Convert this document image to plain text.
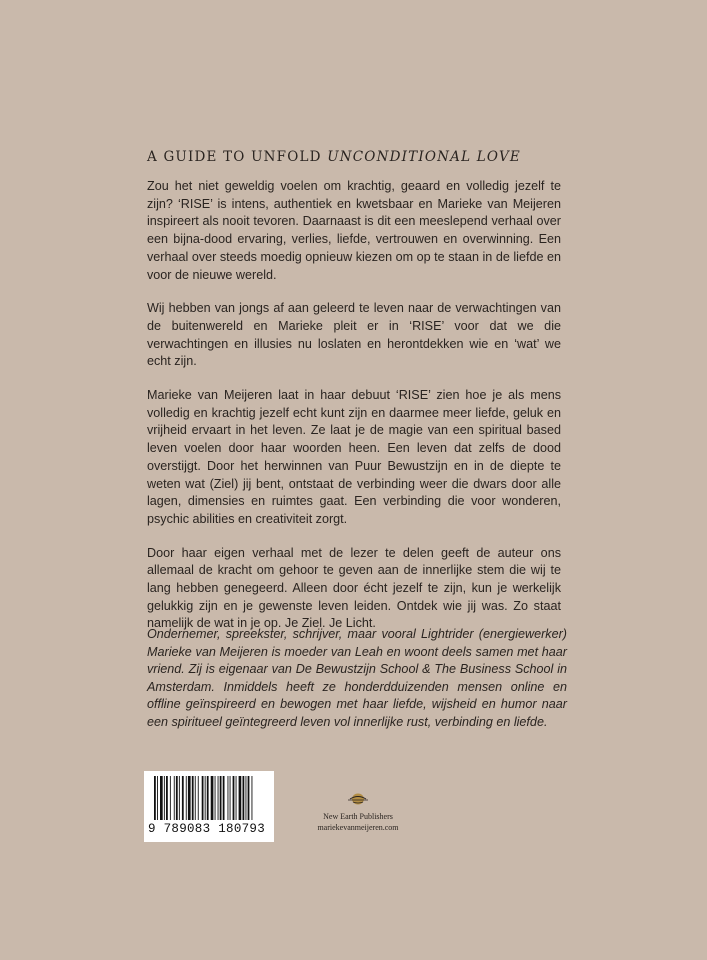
A GUIDE TO UNFOLD UNCONDITIONAL LOVE

Zou het niet geweldig voelen om krachtig, geaard en volledig jezelf te zijn? ‘RISE’ is intens, authentiek en kwetsbaar en Marieke van Meijeren inspireert als nooit tevoren. Daarnaast is dit een meeslepend verhaal over een bijna-dood ervaring, verlies, liefde, vertrouwen en overwinning. Een verhaal over steeds moedig opnieuw kiezen om op te staan in de liefde en voor de nieuwe wereld.

Wij hebben van jongs af aan geleerd te leven naar de verwachtingen van de buitenwereld en Marieke pleit er in ‘RISE’ voor dat we die verwachtingen en illusies nu loslaten en herontdekken wie en ‘wat’ we echt zijn.

Marieke van Meijeren laat in haar debuut ‘RISE’ zien hoe je als mens volledig en krachtig jezelf echt kunt zijn en daarmee meer liefde, geluk en vrijheid ervaart in het leven. Ze laat je de magie van een spiritual based leven voelen door haar woorden heen. Een leven dat zelfs de dood overstijgt. Door het herwinnen van Puur Bewustzijn en in de diepte te weten wat (Ziel) jij bent, ontstaat de verbinding weer die dwars door alle lagen, dimensies en ruimtes gaat. Een verbinding die voor wonderen, psychic abilities en creativiteit zorgt.

Door haar eigen verhaal met de lezer te delen geeft de auteur ons allemaal de kracht om gehoor te geven aan de innerlijke stem die wij te lang hebben genegeerd. Alleen door écht jezelf te zijn, kun je werkelijk gelukkig zijn en je gewenste leven leiden. Ontdek wie jij was. Zo staat namelijk de wat in je op. Je Ziel. Je Licht.

Ondernemer, spreekster, schrijver, maar vooral Lightrider (energiewerker) Marieke van Meijeren is moeder van Leah en woont deels samen met haar vriend. Zij is eigenaar van De Bewustzijn School & The Business School in Amsterdam. Inmiddels heeft ze honderdduizenden mensen online en offline geïnspireerd en bewogen met haar liefde, wijsheid en humor naar een spiritueel geïntegreerd leven vol innerlijke rust, verbinding en liefde.

9 789083 180793
New Earth Publishers
mariekevanmeijeren.com
